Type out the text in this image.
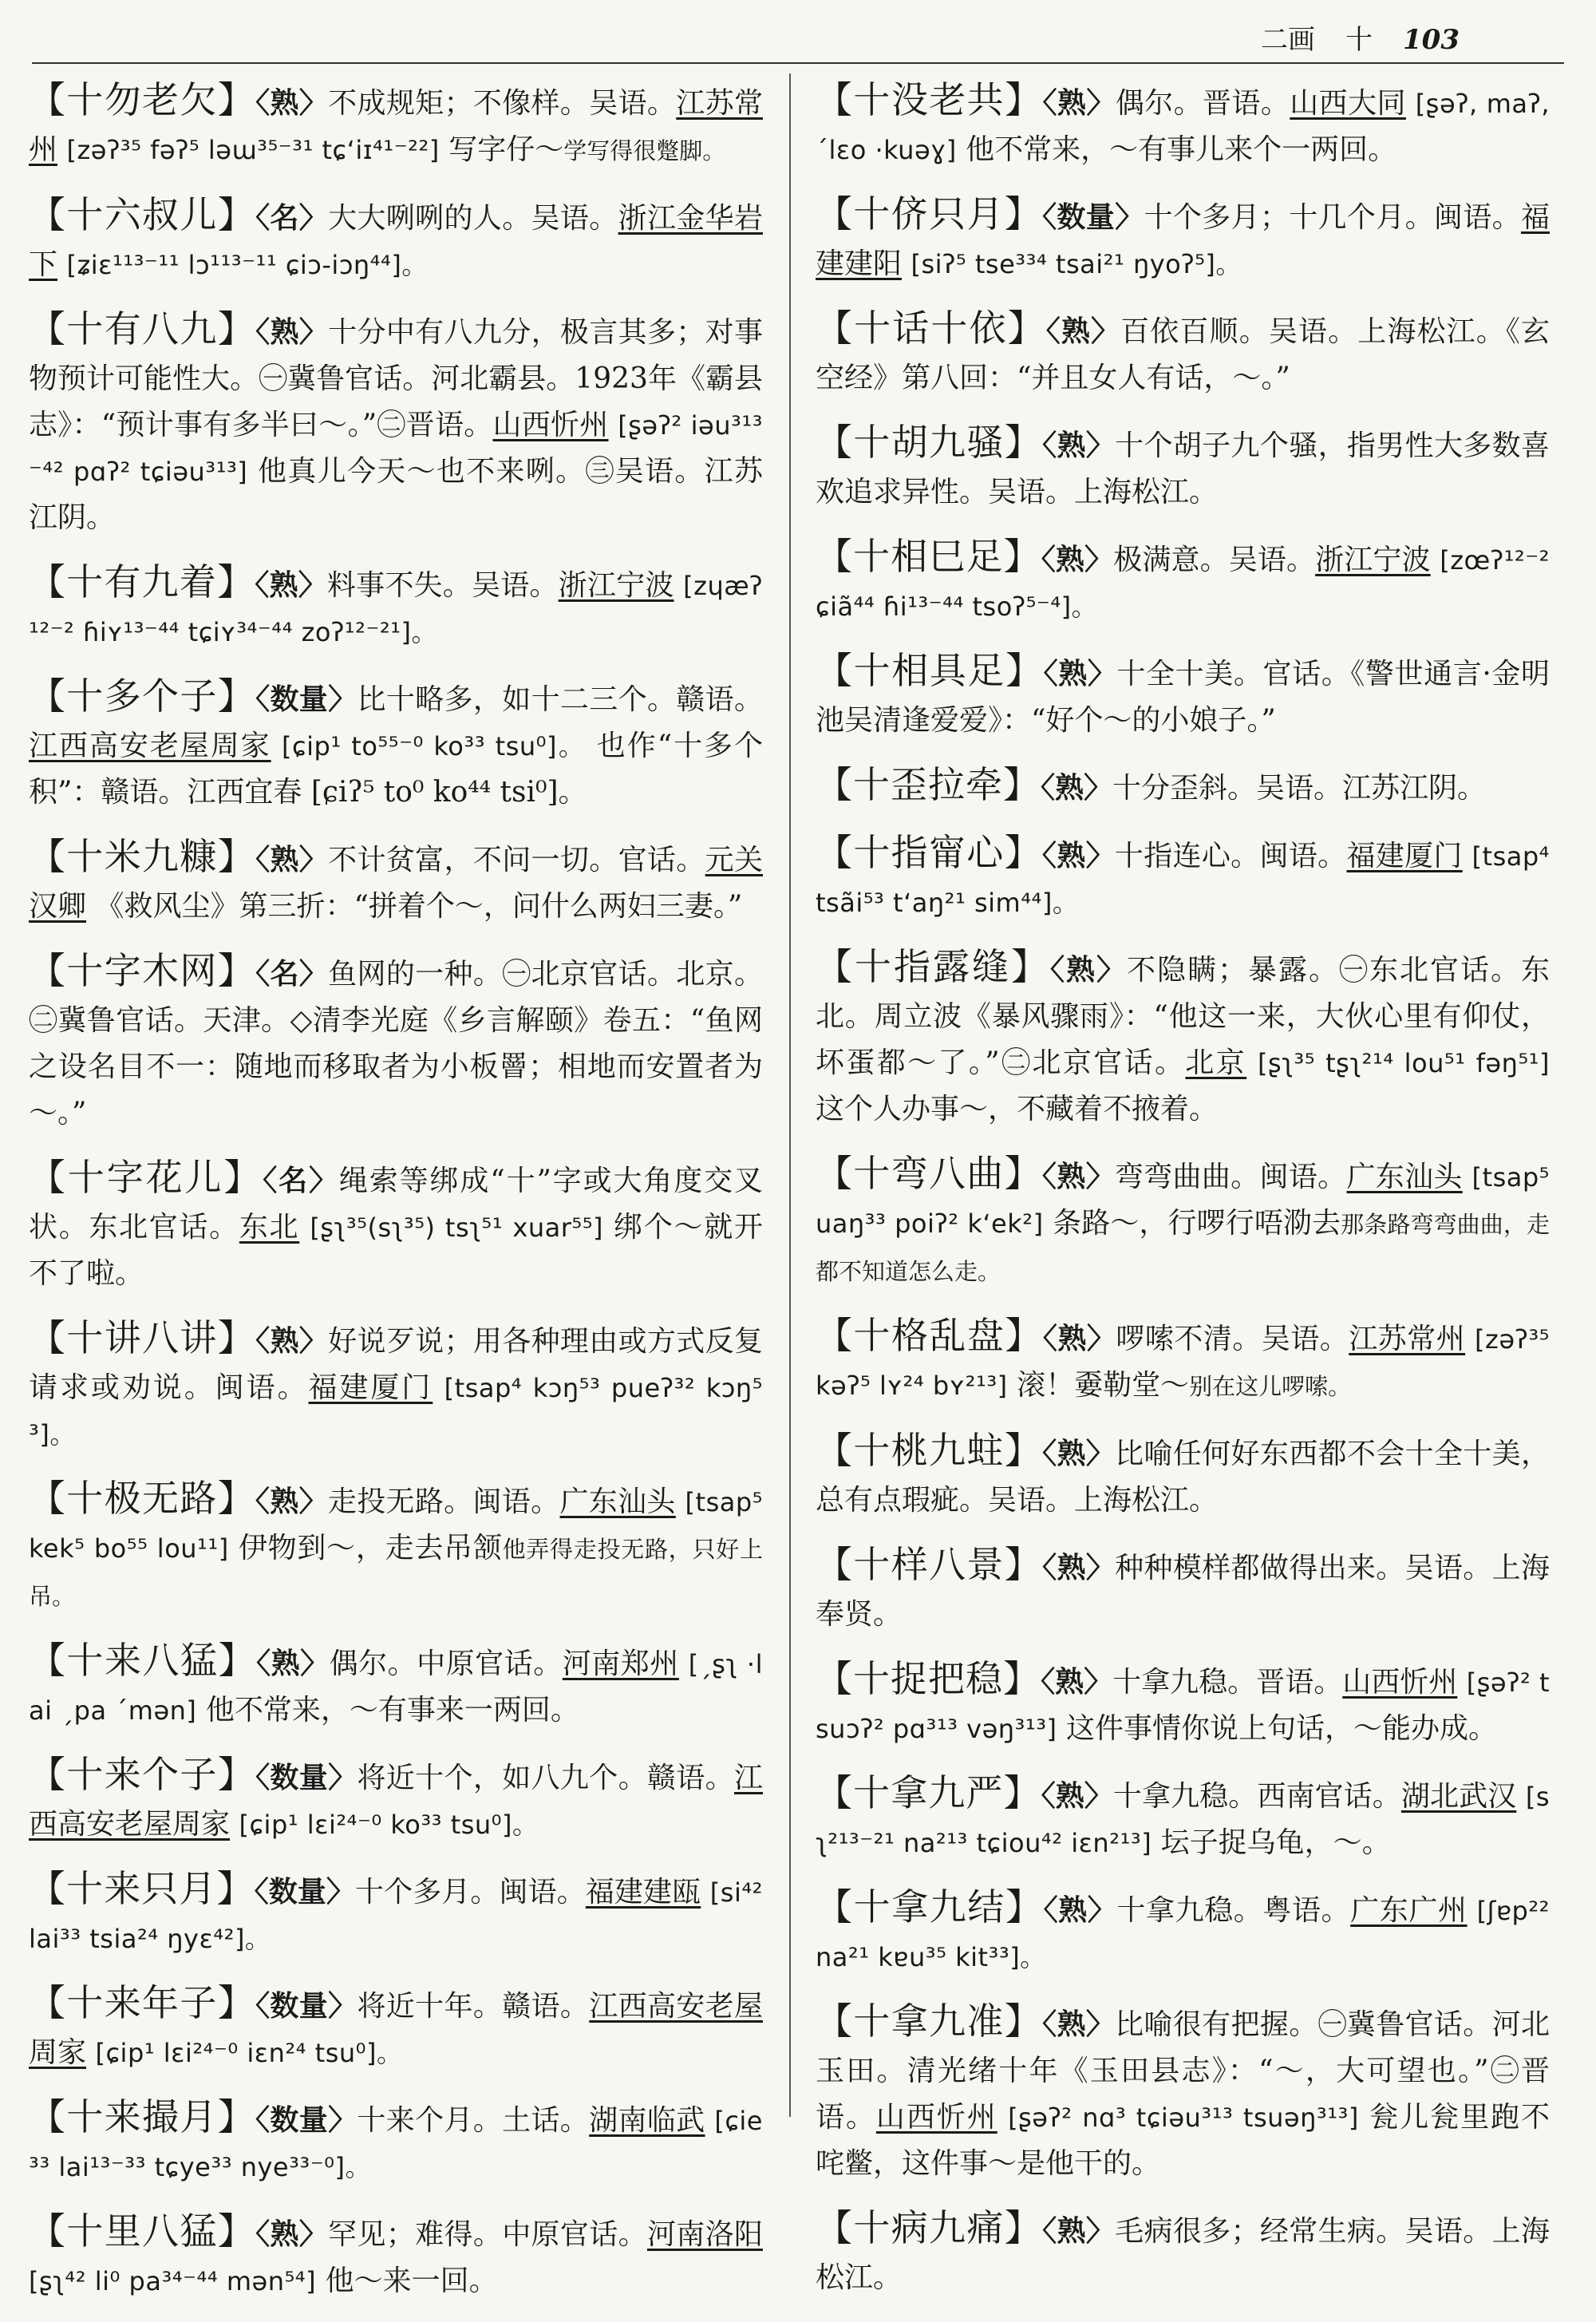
二画 十 103
【十勿老欠】〈熟〉不成规矩；不像样。吴语。江苏常州 [zəʔ³⁵ fəʔ⁵ ləɯ³⁵⁻³¹ tɕʻiɪ⁴¹⁻²²] 写字仔～学写得很蹩脚。
【十六叔儿】〈名〉大大咧咧的人。吴语。浙江金华岩下 [ʑiɛ¹¹³⁻¹¹ lɔ¹¹³⁻¹¹ ɕiɔ-iɔŋ⁴⁴]。
【十有八九】〈熟〉十分中有八九分，极言其多；对事物预计可能性大。㊀冀鲁官话。河北霸县。1923年《霸县志》：“预计事有多半曰～。”㊁晋语。山西忻州 [ʂəʔ² iəu³¹³⁻⁴² pɑʔ² tɕiəu³¹³] 他真儿今天～也不来咧。㊂吴语。江苏江阴。
【十有九着】〈熟〉料事不失。吴语。浙江宁波 [zɥæʔ¹²⁻² ɦiʏ¹³⁻⁴⁴ tɕiʏ³⁴⁻⁴⁴ zoʔ¹²⁻²¹]。
【十多个子】〈数量〉比十略多，如十二三个。赣语。江西高安老屋周家 [ɕip¹ to⁵⁵⁻⁰ ko³³ tsu⁰]。 也作“十多个积”：赣语。江西宜春 [ɕiʔ⁵ to⁰ ko⁴⁴ tsi⁰]。
【十米九糠】〈熟〉不计贫富，不问一切。官话。元关汉卿 《救风尘》第三折：“拼着个～，问什么两妇三妻。”
【十字木网】〈名〉鱼网的一种。㊀北京官话。北京。㊁冀鲁官话。天津。◇清李光庭《乡言解颐》卷五：“鱼网之设名目不一：随地而移取者为小板罾；相地而安置者为～。”
【十字花儿】〈名〉绳索等绑成“十”字或大角度交叉状。东北官话。东北 [ʂʅ³⁵(sʅ³⁵) tsʅ⁵¹ xuar⁵⁵] 绑个～就开不了啦。
【十讲八讲】〈熟〉好说歹说；用各种理由或方式反复请求或劝说。闽语。福建厦门 [tsap⁴ kɔŋ⁵³ pueʔ³² kɔŋ⁵³]。
【十极无路】〈熟〉走投无路。闽语。广东汕头 [tsap⁵ kek⁵ bo⁵⁵ lou¹¹] 伊物到～，走去吊颔他弄得走投无路，只好上吊。
【十来八猛】〈熟〉偶尔。中原官话。河南郑州 [ˏʂʅ ·lai ˏpa ˊmən] 他不常来，～有事来一两回。
【十来个子】〈数量〉将近十个，如八九个。赣语。江西高安老屋周家 [ɕip¹ lɛi²⁴⁻⁰ ko³³ tsu⁰]。
【十来只月】〈数量〉十个多月。闽语。福建建瓯 [si⁴² lai³³ tsia²⁴ ŋyɛ⁴²]。
【十来年子】〈数量〉将近十年。赣语。江西高安老屋周家 [ɕip¹ lɛi²⁴⁻⁰ iɛn²⁴ tsu⁰]。
【十来撮月】〈数量〉十来个月。土话。湖南临武 [ɕie³³ lai¹³⁻³³ tɕye³³ nye³³⁻⁰]。
【十里八猛】〈熟〉罕见；难得。中原官话。河南洛阳 [ʂʅ⁴² li⁰ pa³⁴⁻⁴⁴ mən⁵⁴] 他～来一回。
【十没老共】〈熟〉偶尔。晋语。山西大同 [ʂəʔ, maʔ, ˊlɛo ·kuəɣ] 他不常来，～有事儿来个一两回。
【十侪只月】〈数量〉十个多月；十几个月。闽语。福建建阳 [siʔ⁵ tse³³⁴ tsai²¹ ŋyoʔ⁵]。
【十话十依】〈熟〉百依百顺。吴语。上海松江。《玄空经》第八回：“并且女人有话，～。”
【十胡九骚】〈熟〉十个胡子九个骚，指男性大多数喜欢追求异性。吴语。上海松江。
【十相巳足】〈熟〉极满意。吴语。浙江宁波 [zœʔ¹²⁻² ɕiã⁴⁴ ɦi¹³⁻⁴⁴ tsoʔ⁵⁻⁴]。
【十相具足】〈熟〉十全十美。官话。《警世通言·金明池吴清逢爱爱》：“好个～的小娘子。”
【十歪拉牵】〈熟〉十分歪斜。吴语。江苏江阴。
【十指甯心】〈熟〉十指连心。闽语。福建厦门 [tsap⁴ tsãi⁵³ tʻaŋ²¹ sim⁴⁴]。
【十指露缝】〈熟〉不隐瞒；暴露。㊀东北官话。东北。周立波《暴风骤雨》：“他这一来，大伙心里有仰仗，坏蛋都～了。”㊁北京官话。北京 [ʂʅ³⁵ tʂʅ²¹⁴ lou⁵¹ fəŋ⁵¹] 这个人办事～，不藏着不掖着。
【十弯八曲】〈熟〉弯弯曲曲。闽语。广东汕头 [tsap⁵ uaŋ³³ poiʔ² kʻek²] 条路～，行啰行唔泐去那条路弯弯曲曲，走都不知道怎么走。
【十格乱盘】〈熟〉啰嗦不清。吴语。江苏常州 [zəʔ³⁵ kəʔ⁵ lʏ²⁴ bʏ²¹³] 滚！嫑勒堂～别在这儿啰嗦。
【十桃九蛀】〈熟〉比喻任何好东西都不会十全十美，总有点瑕疵。吴语。上海松江。
【十样八景】〈熟〉种种模样都做得出来。吴语。上海奉贤。
【十捉把稳】〈熟〉十拿九稳。晋语。山西忻州 [ʂəʔ² tsuɔʔ² pɑ³¹³ vəŋ³¹³] 这件事情你说上句话，～能办成。
【十拿九严】〈熟〉十拿九稳。西南官话。湖北武汉 [sʅ²¹³⁻²¹ na²¹³ tɕiou⁴² iɛn²¹³] 坛子捉乌龟，～。
【十拿九结】〈熟〉十拿九稳。粤语。广东广州 [ʃɐp²² na²¹ kɐu³⁵ kit³³]。
【十拿九准】〈熟〉比喻很有把握。㊀冀鲁官话。河北玉田。清光绪十年《玉田县志》：“～，大可望也。”㊁晋语。山西忻州 [ʂəʔ² nɑ³ tɕiəu³¹³ tsuəŋ³¹³] 瓮儿瓮里跑不咤鳖，这件事～是他干的。
【十病九痛】〈熟〉毛病很多；经常生病。吴语。上海松江。
